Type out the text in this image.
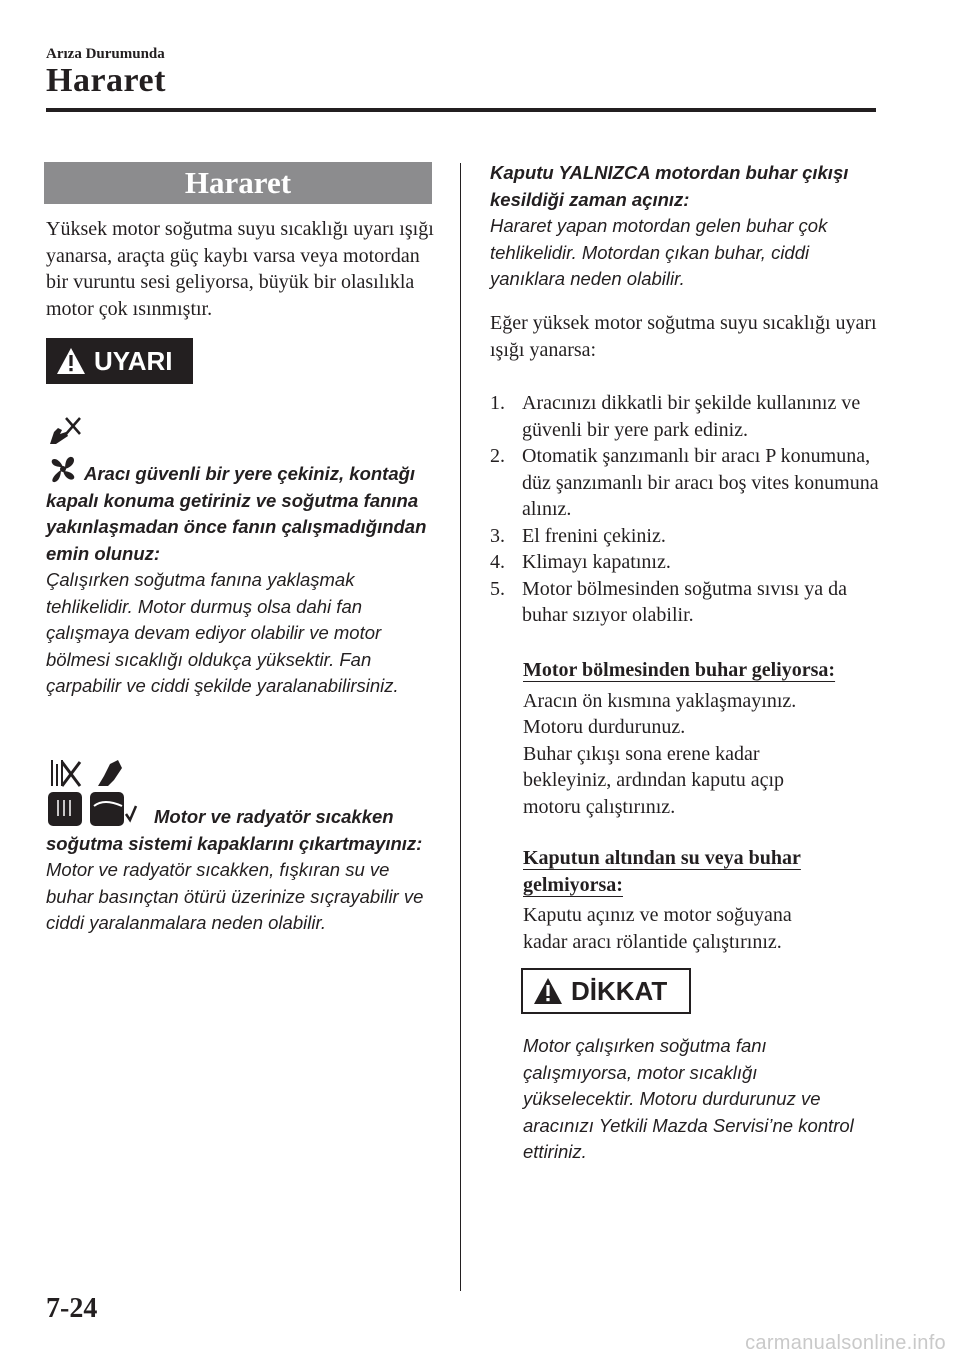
Arıza Durumunda
Hararet
Hararet
Yüksek motor soğutma suyu sıcaklığı uyarı ışığı yanarsa, araçta güç kaybı varsa veya motordan bir vuruntu sesi geliyorsa, büyük bir olasılıkla motor çok ısınmıştır.
UYARI
Aracı güvenli bir yere çekiniz, kontağı kapalı konuma getiriniz ve soğutma fanına yakınlaşmadan önce fanın çalışmadığından emin olunuz:
Çalışırken soğutma fanına yaklaşmak tehlikelidir. Motor durmuş olsa dahi fan çalışmaya devam ediyor olabilir ve motor bölmesi sıcaklığı oldukça yüksektir. Fan çarpabilir ve ciddi şekilde yaralanabilirsiniz.
Motor ve radyatör sıcakken soğutma sistemi kapaklarını çıkartmayınız:
Motor ve radyatör sıcakken, fışkıran su ve buhar basınçtan ötürü üzerinize sıçrayabilir ve ciddi yaralanmalara neden olabilir.
Kaputu YALNIZCA motordan buhar çıkışı kesildiği zaman açınız:
Hararet yapan motordan gelen buhar çok tehlikelidir. Motordan çıkan buhar, ciddi yanıklara neden olabilir.
Eğer yüksek motor soğutma suyu sıcaklığı uyarı ışığı yanarsa:
1. Aracınızı dikkatli bir şekilde kullanınız ve güvenli bir yere park ediniz.
2. Otomatik şanzımanlı bir aracı P konumuna, düz şanzımanlı bir aracı boş vites konumuna alınız.
3. El frenini çekiniz.
4. Klimayı kapatınız.
5. Motor bölmesinden soğutma sıvısı ya da buhar sızıyor olabilir.
Motor bölmesinden buhar geliyorsa:
Aracın ön kısmına yaklaşmayınız.
Motoru durdurunuz.
Buhar çıkışı sona erene kadar bekleyiniz, ardından kaputu açıp motoru çalıştırınız.
Kaputun altından su veya buhar gelmiyorsa:
Kaputu açınız ve motor soğuyana kadar aracı rölantide çalıştırınız.
DİKKAT
Motor çalışırken soğutma fanı çalışmıyorsa, motor sıcaklığı yükselecektir. Motoru durdurunuz ve aracınızı Yetkili Mazda Servisi’ne kontrol ettiriniz.
7-24
carmanualsonline.info
